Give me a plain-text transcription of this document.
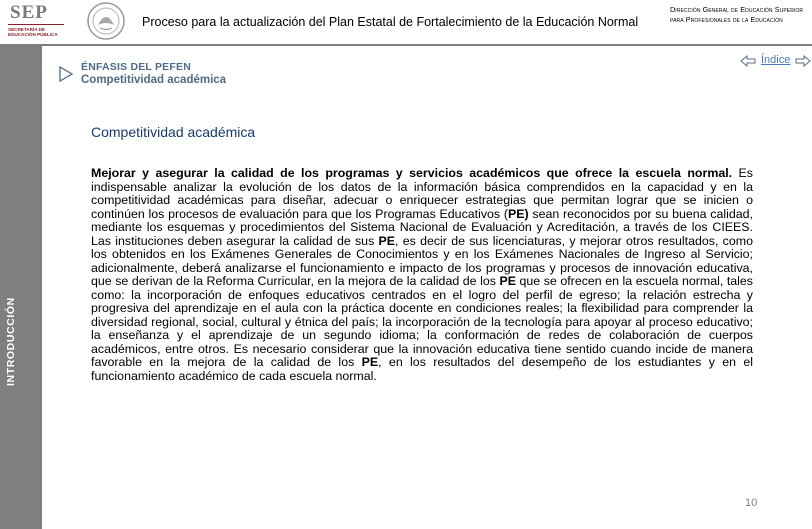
SEP
SECRETARÍA DE EDUCACIÓN PÚBLICA
Proceso para la actualización del Plan Estatal de Fortalecimiento de la Educación Normal
Dirección General de Educación Superior para Profesionales de la Educación
INTRODUCCIÓN
ÉNFASIS DEL PEFEN
Competitividad académica
Índice
Competitividad académica
Mejorar y asegurar la calidad de los programas y servicios académicos que ofrece la escuela normal. Es indispensable analizar la evolución de los datos de la información básica comprendidos en la capacidad y en la competitividad académicas para diseñar, adecuar o enriquecer estrategias que permitan lograr que se inicien o continúen los procesos de evaluación para que los Programas Educativos (PE) sean reconocidos por su buena calidad, mediante los esquemas y procedimientos del Sistema Nacional de Evaluación y Acreditación, a través de los CIEES. Las instituciones deben asegurar la calidad de sus PE, es decir de sus licenciaturas, y mejorar otros resultados, como los obtenidos en los Exámenes Generales de Conocimientos y en los Exámenes Nacionales de Ingreso al Servicio; adicionalmente, deberá analizarse el funcionamiento e impacto de los programas y procesos de innovación educativa, que se derivan de la Reforma Curricular, en la mejora de la calidad de los PE que se ofrecen en la escuela normal, tales como: la incorporación de enfoques educativos centrados en el logro del perfil de egreso; la relación estrecha y progresiva del aprendizaje en el aula con la práctica docente en condiciones reales; la flexibilidad para comprender la diversidad regional, social, cultural y étnica del país; la incorporación de la tecnología para apoyar al proceso educativo; la enseñanza y el aprendizaje de un segundo idioma; la conformación de redes de colaboración de cuerpos académicos, entre otros. Es necesario considerar que la innovación educativa tiene sentido cuando incide de manera favorable en la mejora de la calidad de los PE, en los resultados del desempeño de los estudiantes y en el funcionamiento académico de cada escuela normal.
10
